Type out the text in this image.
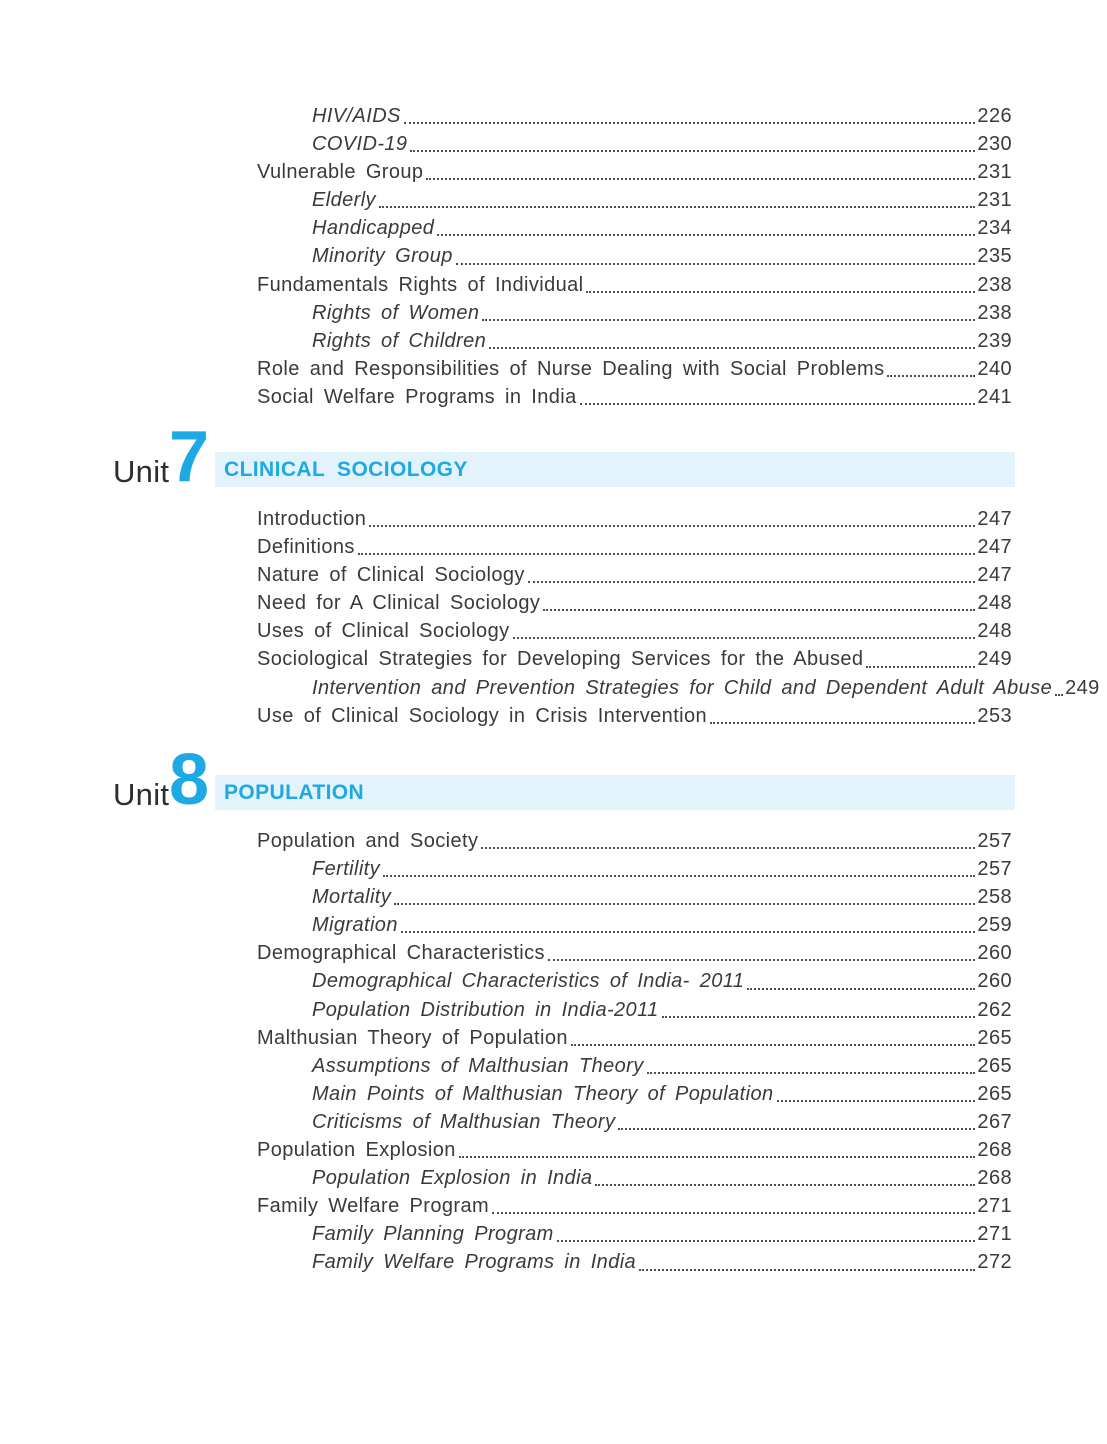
HIV/AIDS	226
COVID-19	230
Vulnerable Group	231
Elderly	231
Handicapped	234
Minority Group	235
Fundamentals Rights of Individual	238
Rights of Women	238
Rights of Children	239
Role and Responsibilities of Nurse Dealing with Social Problems	240
Social Welfare Programs in India	241
Unit 7 CLINICAL SOCIOLOGY
Introduction	247
Definitions	247
Nature of Clinical Sociology	247
Need for A Clinical Sociology	248
Uses of Clinical Sociology	248
Sociological Strategies for Developing Services for the Abused	249
Intervention and Prevention Strategies for Child and Dependent Adult Abuse 249
Use of Clinical Sociology in Crisis Intervention	253
Unit 8 POPULATION
Population and Society	257
Fertility	257
Mortality	258
Migration	259
Demographical Characteristics	260
Demographical Characteristics of India- 2011	260
Population Distribution in India-2011	262
Malthusian Theory of Population	265
Assumptions of Malthusian Theory	265
Main Points of Malthusian Theory of Population	265
Criticisms of Malthusian Theory	267
Population Explosion	268
Population Explosion in India	268
Family Welfare Program	271
Family Planning Program	271
Family Welfare Programs in India	272
